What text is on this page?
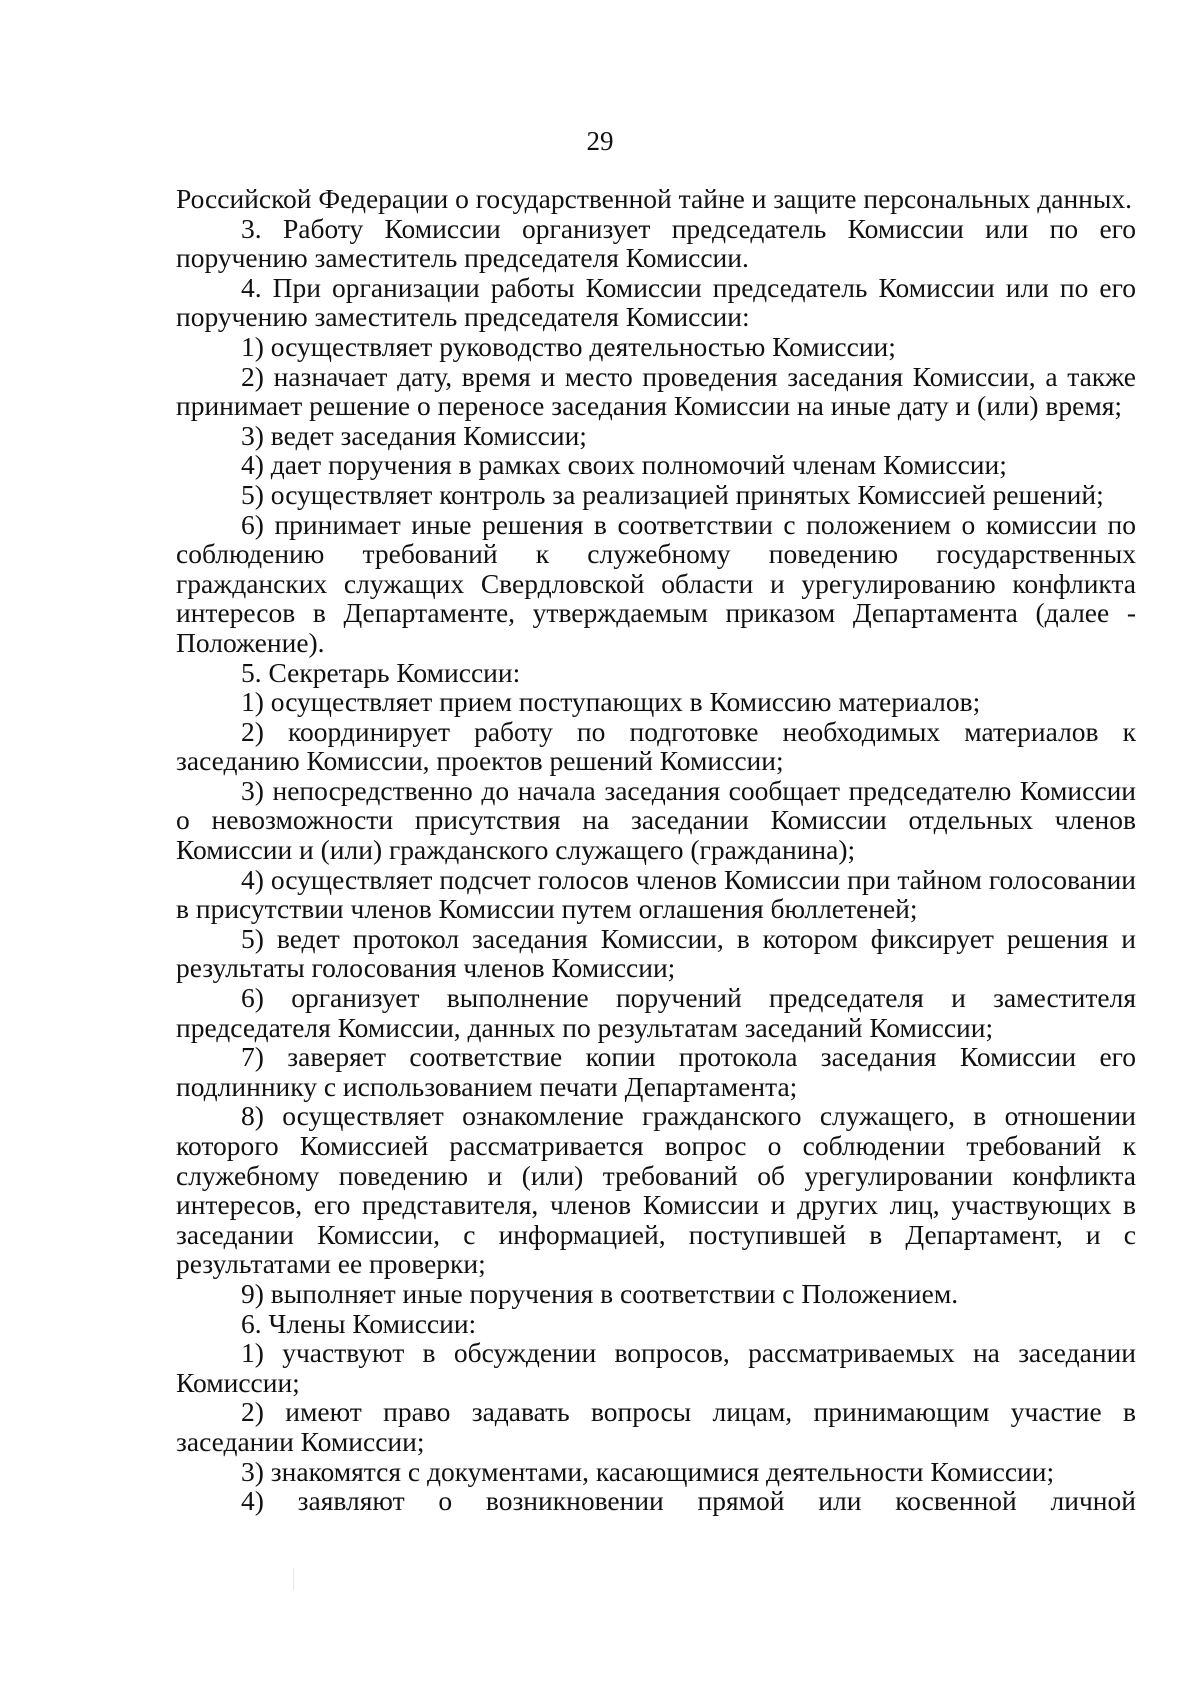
29

Российской Федерации о государственной тайне и защите персональных данных.

3. Работу Комиссии организует председатель Комиссии или по его поручению заместитель председателя Комиссии.

4. При организации работы Комиссии председатель Комиссии или по его поручению заместитель председателя Комиссии:

1) осуществляет руководство деятельностью Комиссии;

2) назначает дату, время и место проведения заседания Комиссии, а также принимает решение о переносе заседания Комиссии на иные дату и (или) время;

3) ведет заседания Комиссии;

4) дает поручения в рамках своих полномочий членам Комиссии;

5) осуществляет контроль за реализацией принятых Комиссией решений;

6) принимает иные решения в соответствии с положением о комиссии по соблюдению требований к служебному поведению государственных гражданских служащих Свердловской области и урегулированию конфликта интересов в Департаменте, утверждаемым приказом Департамента (далее - Положение).

5. Секретарь Комиссии:

1) осуществляет прием поступающих в Комиссию материалов;

2) координирует работу по подготовке необходимых материалов к заседанию Комиссии, проектов решений Комиссии;

3) непосредственно до начала заседания сообщает председателю Комиссии о невозможности присутствия на заседании Комиссии отдельных членов Комиссии и (или) гражданского служащего (гражданина);

4) осуществляет подсчет голосов членов Комиссии при тайном голосовании в присутствии членов Комиссии путем оглашения бюллетеней;

5) ведет протокол заседания Комиссии, в котором фиксирует решения и результаты голосования членов Комиссии;

6) организует выполнение поручений председателя и заместителя председателя Комиссии, данных по результатам заседаний Комиссии;

7) заверяет соответствие копии протокола заседания Комиссии его подлиннику с использованием печати Департамента;

8) осуществляет ознакомление гражданского служащего, в отношении которого Комиссией рассматривается вопрос о соблюдении требований к служебному поведению и (или) требований об урегулировании конфликта интересов, его представителя, членов Комиссии и других лиц, участвующих в заседании Комиссии, с информацией, поступившей в Департамент, и с результатами ее проверки;

9) выполняет иные поручения в соответствии с Положением.

6. Члены Комиссии:

1) участвуют в обсуждении вопросов, рассматриваемых на заседании Комиссии;

2) имеют право задавать вопросы лицам, принимающим участие в заседании Комиссии;

3) знакомятся с документами, касающимися деятельности Комиссии;

4) заявляют о возникновении прямой или косвенной личной
